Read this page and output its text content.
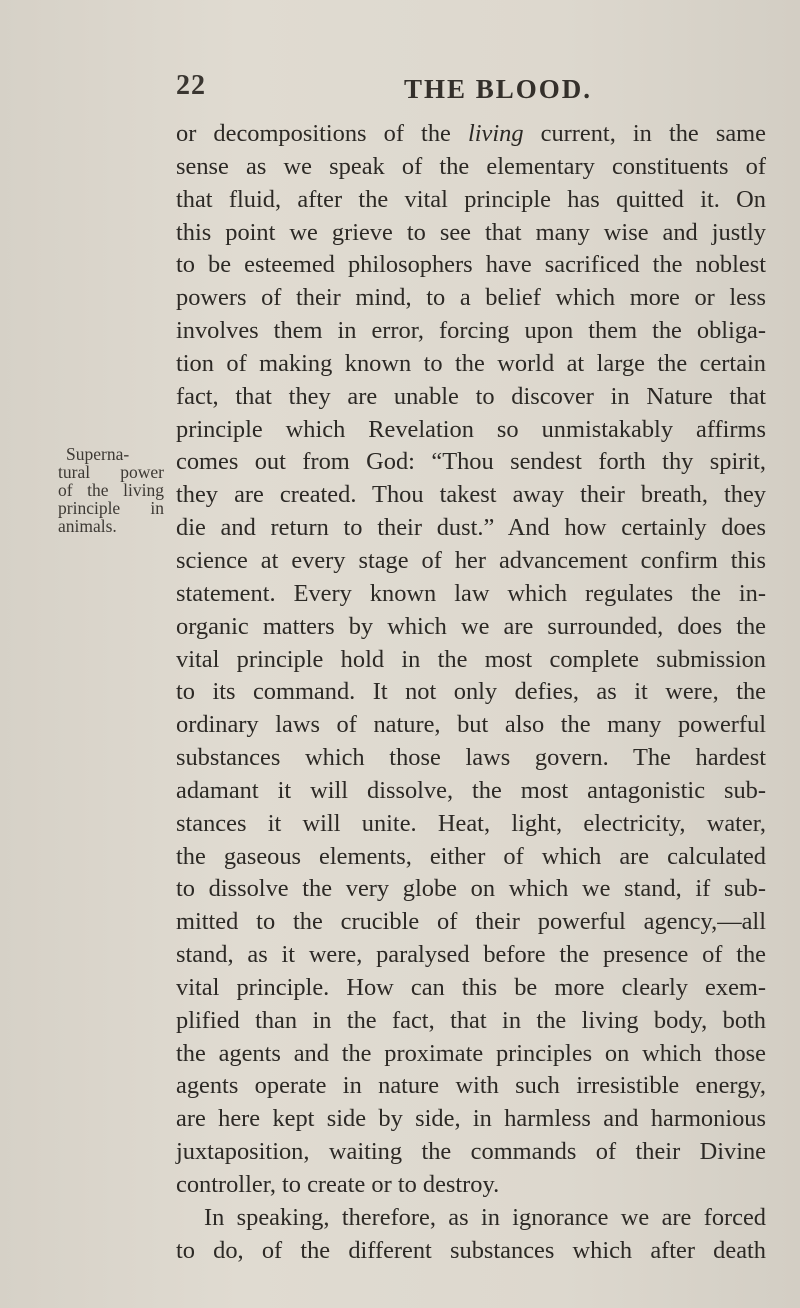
22	THE BLOOD.
Superna-
tural power
of the living
principle in
animals.
or decompositions of the living current, in the same
sense as we speak of the elementary constituents of
that fluid, after the vital principle has quitted it. On
this point we grieve to see that many wise and justly
to be esteemed philosophers have sacrificed the noblest
powers of their mind, to a belief which more or less
involves them in error, forcing upon them the obliga-
tion of making known to the world at large the certain
fact, that they are unable to discover in Nature that
principle which Revelation so unmistakably affirms
comes out from God: “Thou sendest forth thy spirit,
they are created. Thou takest away their breath, they
die and return to their dust.” And how certainly does
science at every stage of her advancement confirm this
statement. Every known law which regulates the in-
organic matters by which we are surrounded, does the
vital principle hold in the most complete submission
to its command. It not only defies, as it were, the
ordinary laws of nature, but also the many powerful
substances which those laws govern. The hardest
adamant it will dissolve, the most antagonistic sub-
stances it will unite. Heat, light, electricity, water,
the gaseous elements, either of which are calculated
to dissolve the very globe on which we stand, if sub-
mitted to the crucible of their powerful agency,—all
stand, as it were, paralysed before the presence of the
vital principle. How can this be more clearly exem-
plified than in the fact, that in the living body, both
the agents and the proximate principles on which those
agents operate in nature with such irresistible energy,
are here kept side by side, in harmless and harmonious
juxtaposition, waiting the commands of their Divine
controller, to create or to destroy.
In speaking, therefore, as in ignorance we are forced
to do, of the different substances which after death
